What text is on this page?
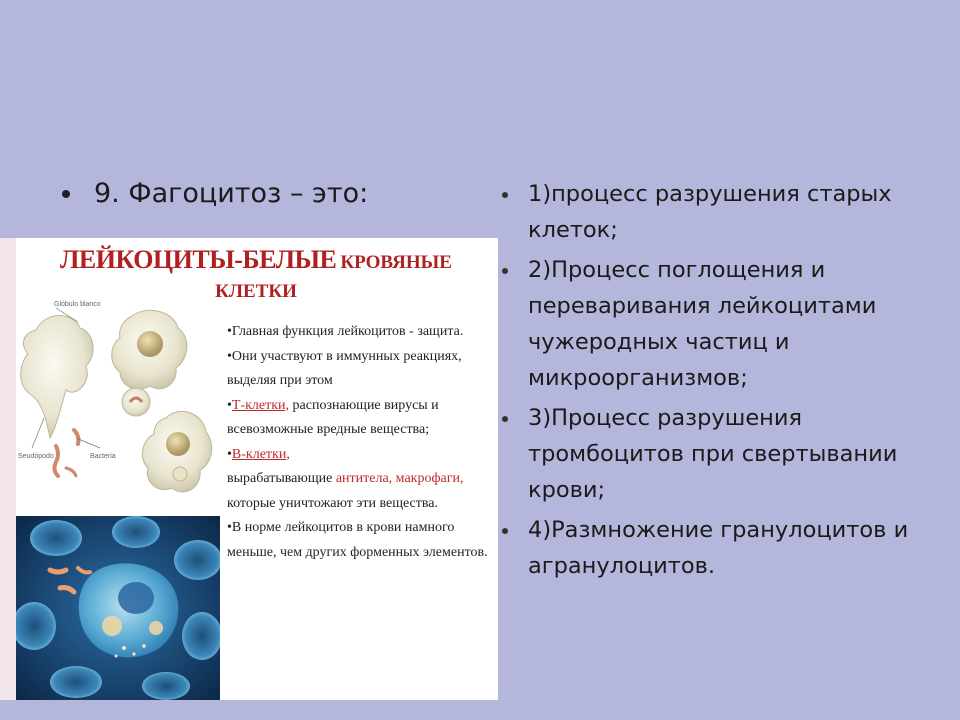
9. Фагоцитоз – это:	1)процесс разрушения старых клеток;
2)Процесс поглощения и переваривания лейкоцитами чужеродных частиц и микроорганизмов;
3)Процесс разрушения тромбоцитов при свертывании крови;
4)Размножение гранулоцитов и агранулоцитов.
ЛЕЙКОЦИТЫ-БЕЛЫЕ КРОВЯНЫЕ
КЛЕТКИ
Glóbulo blanco
Seudópodo	Bacteria

•Главная функция лейкоцитов - защита.

•Они участвуют в иммунных реакциях, выделяя при этом

•Т-клетки, распознающие вирусы и всевозможные вредные вещества;

•В-клетки,

вырабатывающие антитела, макрофаги, которые уничтожают эти вещества.

•В норме лейкоцитов в крови намного меньше, чем других форменных элементов.
